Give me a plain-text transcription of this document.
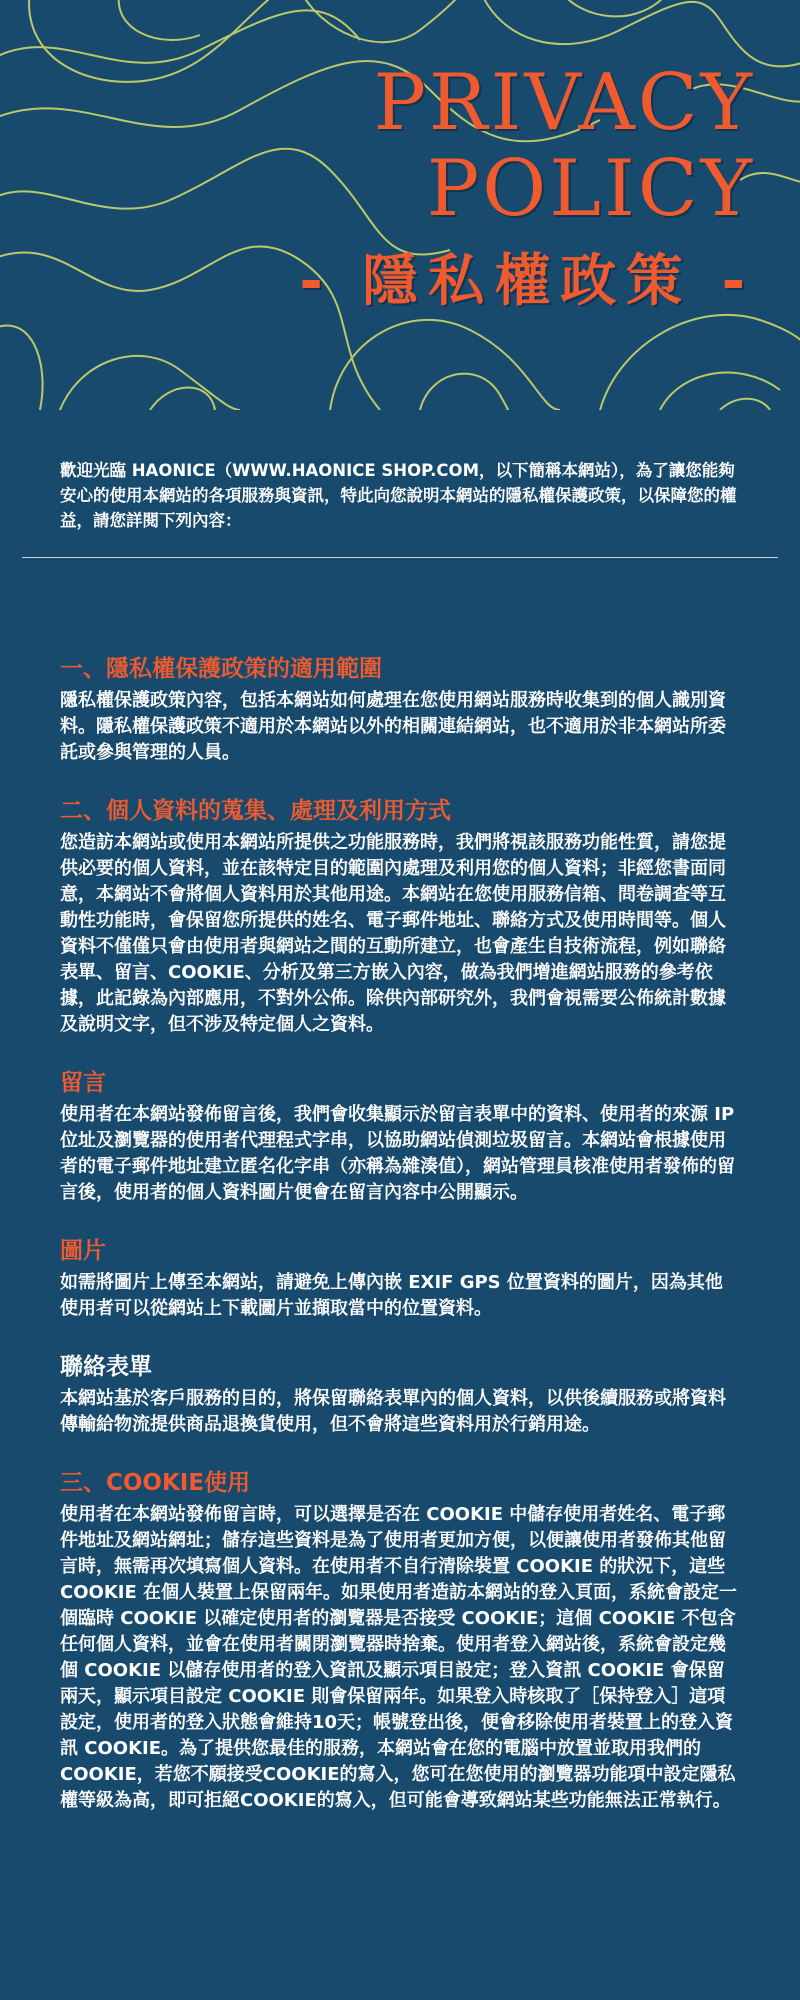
PRIVACY
POLICY
- 隱私權政策 -
歡迎光臨 HAONICE（WWW.HAONICE SHOP.COM，以下簡稱本網站），為了讓您能夠安心的使用本網站的各項服務與資訊，特此向您說明本網站的隱私權保護政策，以保障您的權益，請您詳閱下列內容：
一、隱私權保護政策的適用範圍

隱私權保護政策內容，包括本網站如何處理在您使用網站服務時收集到的個人識別資料。隱私權保護政策不適用於本網站以外的相關連結網站，也不適用於非本網站所委託或參與管理的人員。

二、個人資料的蒐集、處理及利用方式

您造訪本網站或使用本網站所提供之功能服務時，我們將視該服務功能性質，請您提供必要的個人資料，並在該特定目的範圍內處理及利用您的個人資料；非經您書面同意，本網站不會將個人資料用於其他用途。本網站在您使用服務信箱、問卷調查等互動性功能時，會保留您所提供的姓名、電子郵件地址、聯絡方式及使用時間等。個人資料不僅僅只會由使用者與網站之間的互動所建立，也會產生自技術流程，例如聯絡表單、留言、COOKIE、分析及第三方嵌入內容，做為我們增進網站服務的參考依據，此記錄為內部應用，不對外公佈。除供內部研究外，我們會視需要公佈統計數據及說明文字，但不涉及特定個人之資料。

留言

使用者在本網站發佈留言後，我們會收集顯示於留言表單中的資料、使用者的來源 IP 位址及瀏覽器的使用者代理程式字串，以協助網站偵測垃圾留言。本網站會根據使用者的電子郵件地址建立匿名化字串（亦稱為雜湊值），網站管理員核准使用者發佈的留言後，使用者的個人資料圖片便會在留言內容中公開顯示。

圖片

如需將圖片上傳至本網站，請避免上傳內嵌 EXIF GPS 位置資料的圖片，因為其他使用者可以從網站上下載圖片並擷取當中的位置資料。

聯絡表單

本網站基於客戶服務的目的，將保留聯絡表單內的個人資料，以供後續服務或將資料傳輸給物流提供商品退換貨使用，但不會將這些資料用於行銷用途。

三、COOKIE使用

使用者在本網站發佈留言時，可以選擇是否在 COOKIE 中儲存使用者姓名、電子郵件地址及網站網址；儲存這些資料是為了使用者更加方便，以便讓使用者發佈其他留言時，無需再次填寫個人資料。在使用者不自行清除裝置 COOKIE 的狀況下，這些 COOKIE 在個人裝置上保留兩年。如果使用者造訪本網站的登入頁面，系統會設定一個臨時 COOKIE 以確定使用者的瀏覽器是否接受 COOKIE；這個 COOKIE 不包含任何個人資料，並會在使用者關閉瀏覽器時捨棄。使用者登入網站後，系統會設定幾個 COOKIE 以儲存使用者的登入資訊及顯示項目設定；登入資訊 COOKIE 會保留兩天，顯示項目設定 COOKIE 則會保留兩年。如果登入時核取了［保持登入］這項設定，使用者的登入狀態會維持10天；帳號登出後，便會移除使用者裝置上的登入資訊 COOKIE。為了提供您最佳的服務，本網站會在您的電腦中放置並取用我們的COOKIE，若您不願接受COOKIE的寫入，您可在您使用的瀏覽器功能項中設定隱私權等級為高，即可拒絕COOKIE的寫入，但可能會導致網站某些功能無法正常執行。
